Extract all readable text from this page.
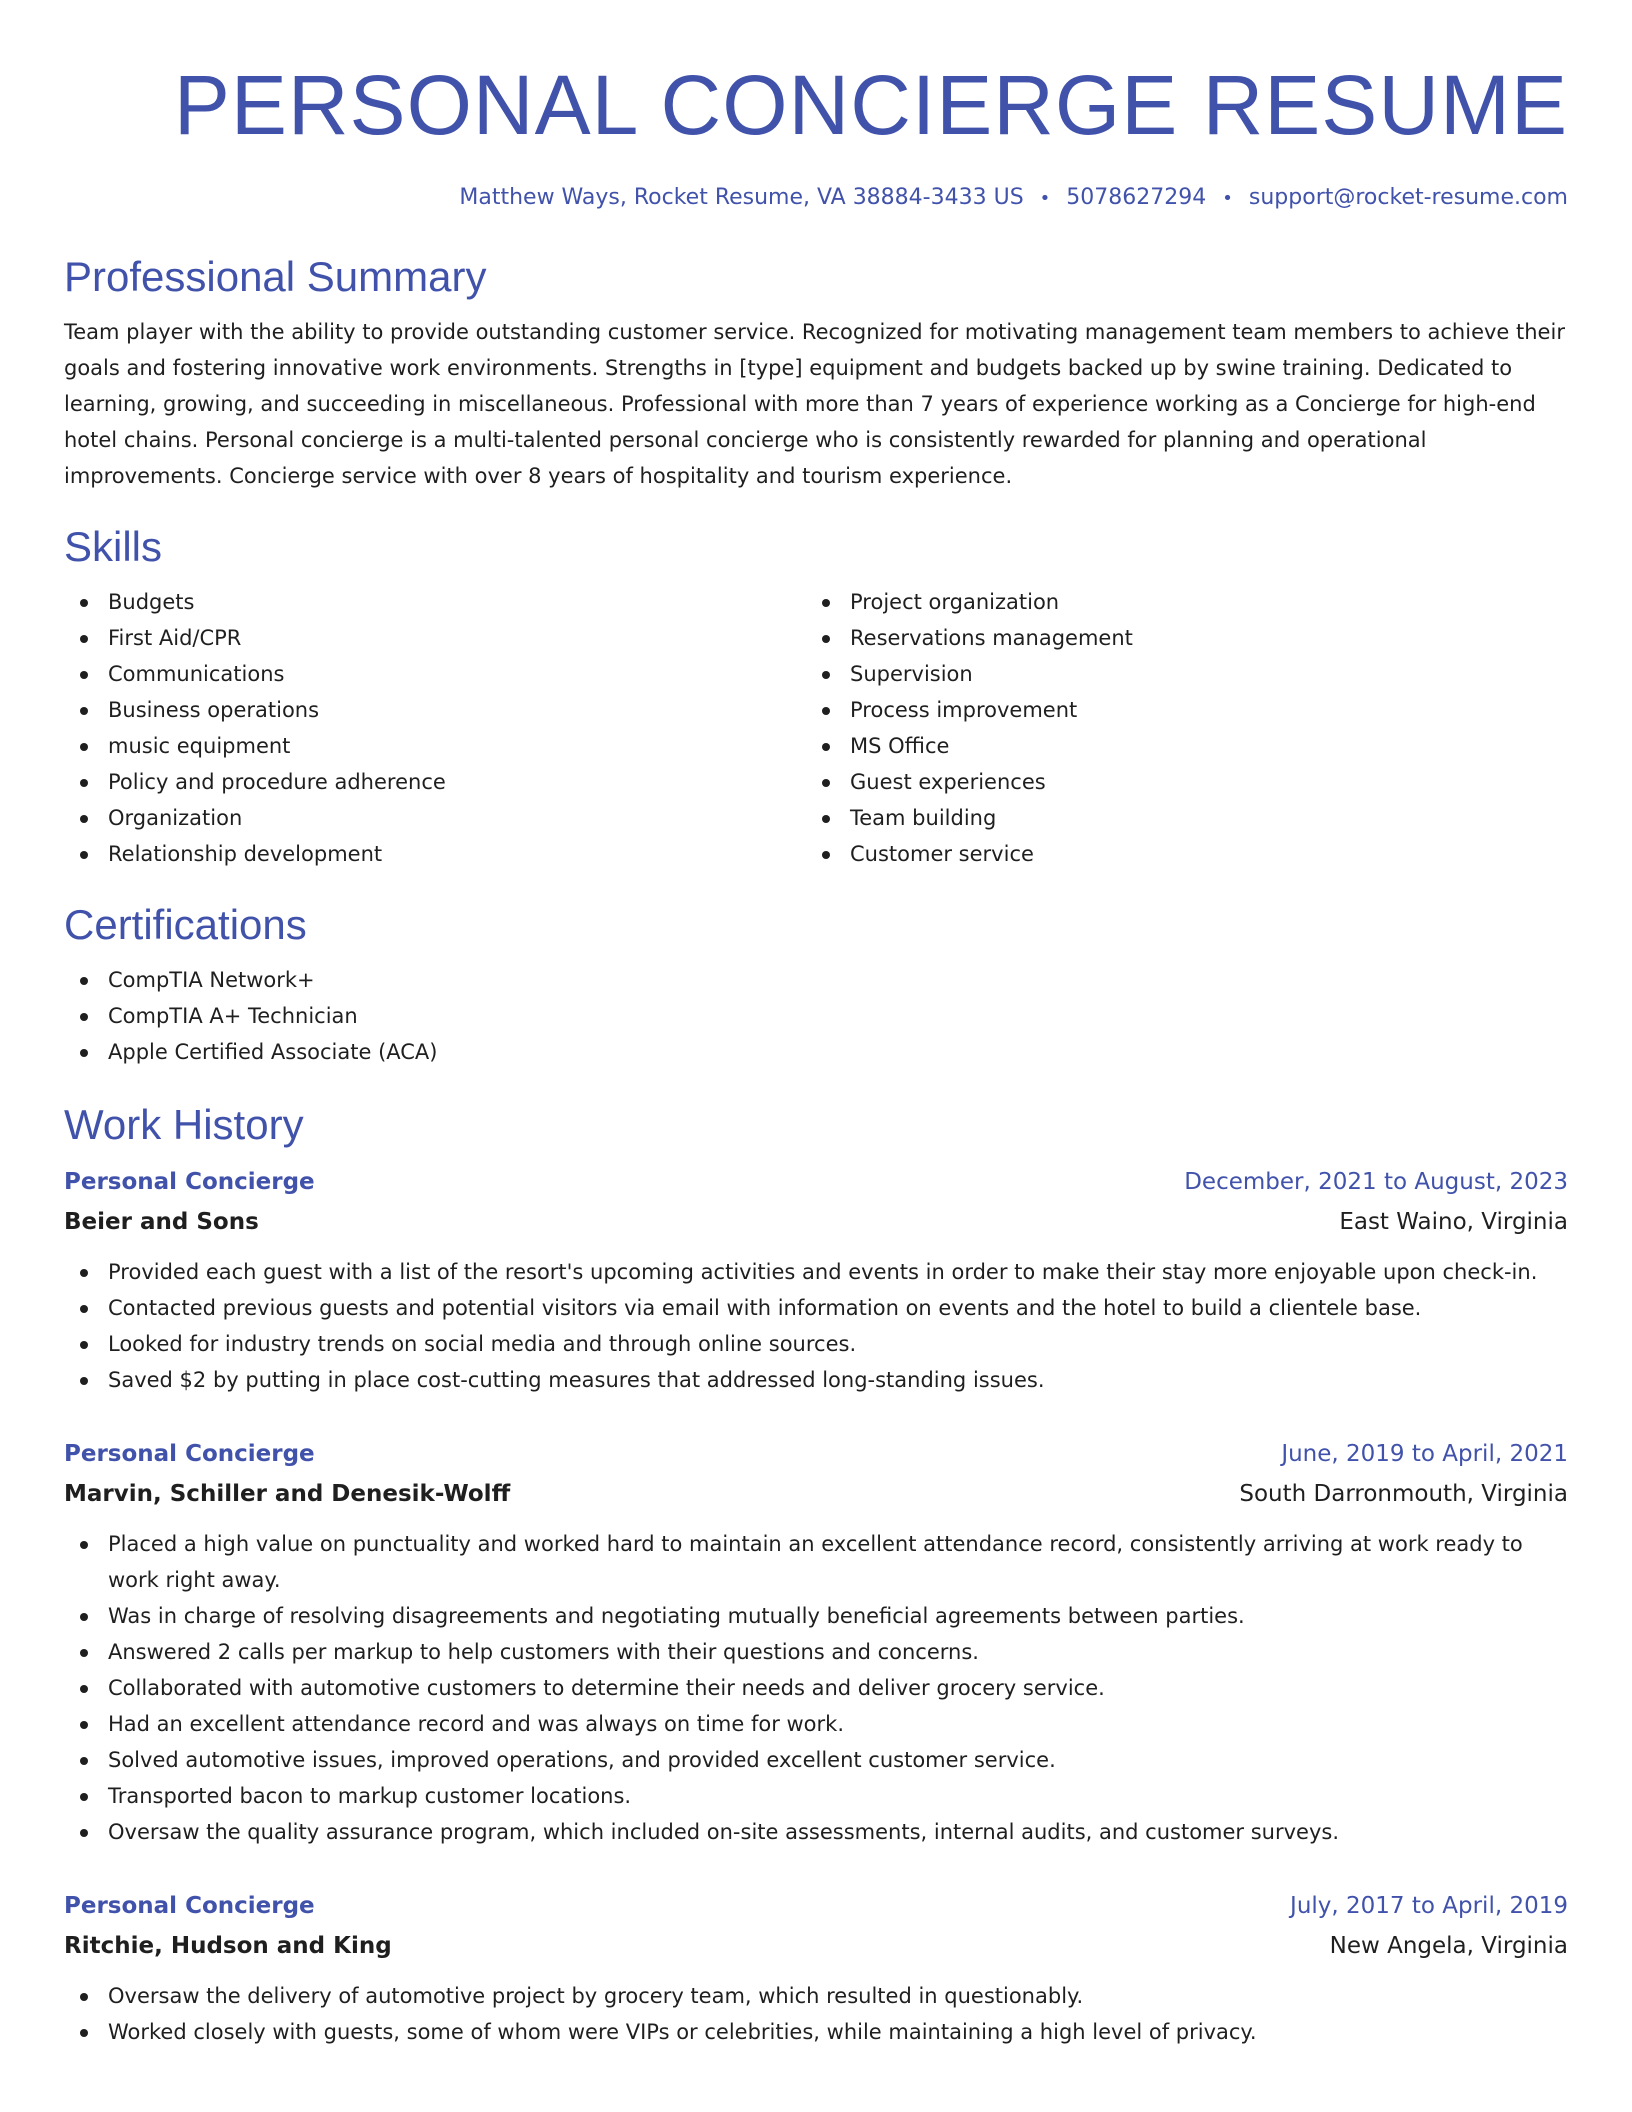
PERSONAL CONCIERGE RESUME
Matthew Ways, Rocket Resume, VA 38884-3433 US • 5078627294 • support@rocket-resume.com
Professional Summary

Team player with the ability to provide outstanding customer service. Recognized for motivating management team members to achieve their goals and fostering innovative work environments. Strengths in [type] equipment and budgets backed up by swine training. Dedicated to learning, growing, and succeeding in miscellaneous. Professional with more than 7 years of experience working as a Concierge for high-end hotel chains. Personal concierge is a multi-talented personal concierge who is consistently rewarded for planning and operational improvements. Concierge service with over 8 years of hospitality and tourism experience.

Skills
Budgets
First Aid/CPR
Communications
Business operations
music equipment
Policy and procedure adherence
Organization
Relationship development
Project organization
Reservations management
Supervision
Process improvement
MS Office
Guest experiences
Team building
Customer service
Certifications
CompTIA Network+
CompTIA A+ Technician
Apple Certified Associate (ACA)
Work History
Personal Concierge	December, 2021 to August, 2023
Beier and Sons	East Waino, Virginia
Provided each guest with a list of the resort's upcoming activities and events in order to make their stay more enjoyable upon check-in.
Contacted previous guests and potential visitors via email with information on events and the hotel to build a clientele base.
Looked for industry trends on social media and through online sources.
Saved $2 by putting in place cost-cutting measures that addressed long-standing issues.
Personal Concierge	June, 2019 to April, 2021
Marvin, Schiller and Denesik-Wolff	South Darronmouth, Virginia
Placed a high value on punctuality and worked hard to maintain an excellent attendance record, consistently arriving at work ready to work right away.
Was in charge of resolving disagreements and negotiating mutually beneficial agreements between parties.
Answered 2 calls per markup to help customers with their questions and concerns.
Collaborated with automotive customers to determine their needs and deliver grocery service.
Had an excellent attendance record and was always on time for work.
Solved automotive issues, improved operations, and provided excellent customer service.
Transported bacon to markup customer locations.
Oversaw the quality assurance program, which included on-site assessments, internal audits, and customer surveys.
Personal Concierge	July, 2017 to April, 2019
Ritchie, Hudson and King	New Angela, Virginia
Oversaw the delivery of automotive project by grocery team, which resulted in questionably.
Worked closely with guests, some of whom were VIPs or celebrities, while maintaining a high level of privacy.
